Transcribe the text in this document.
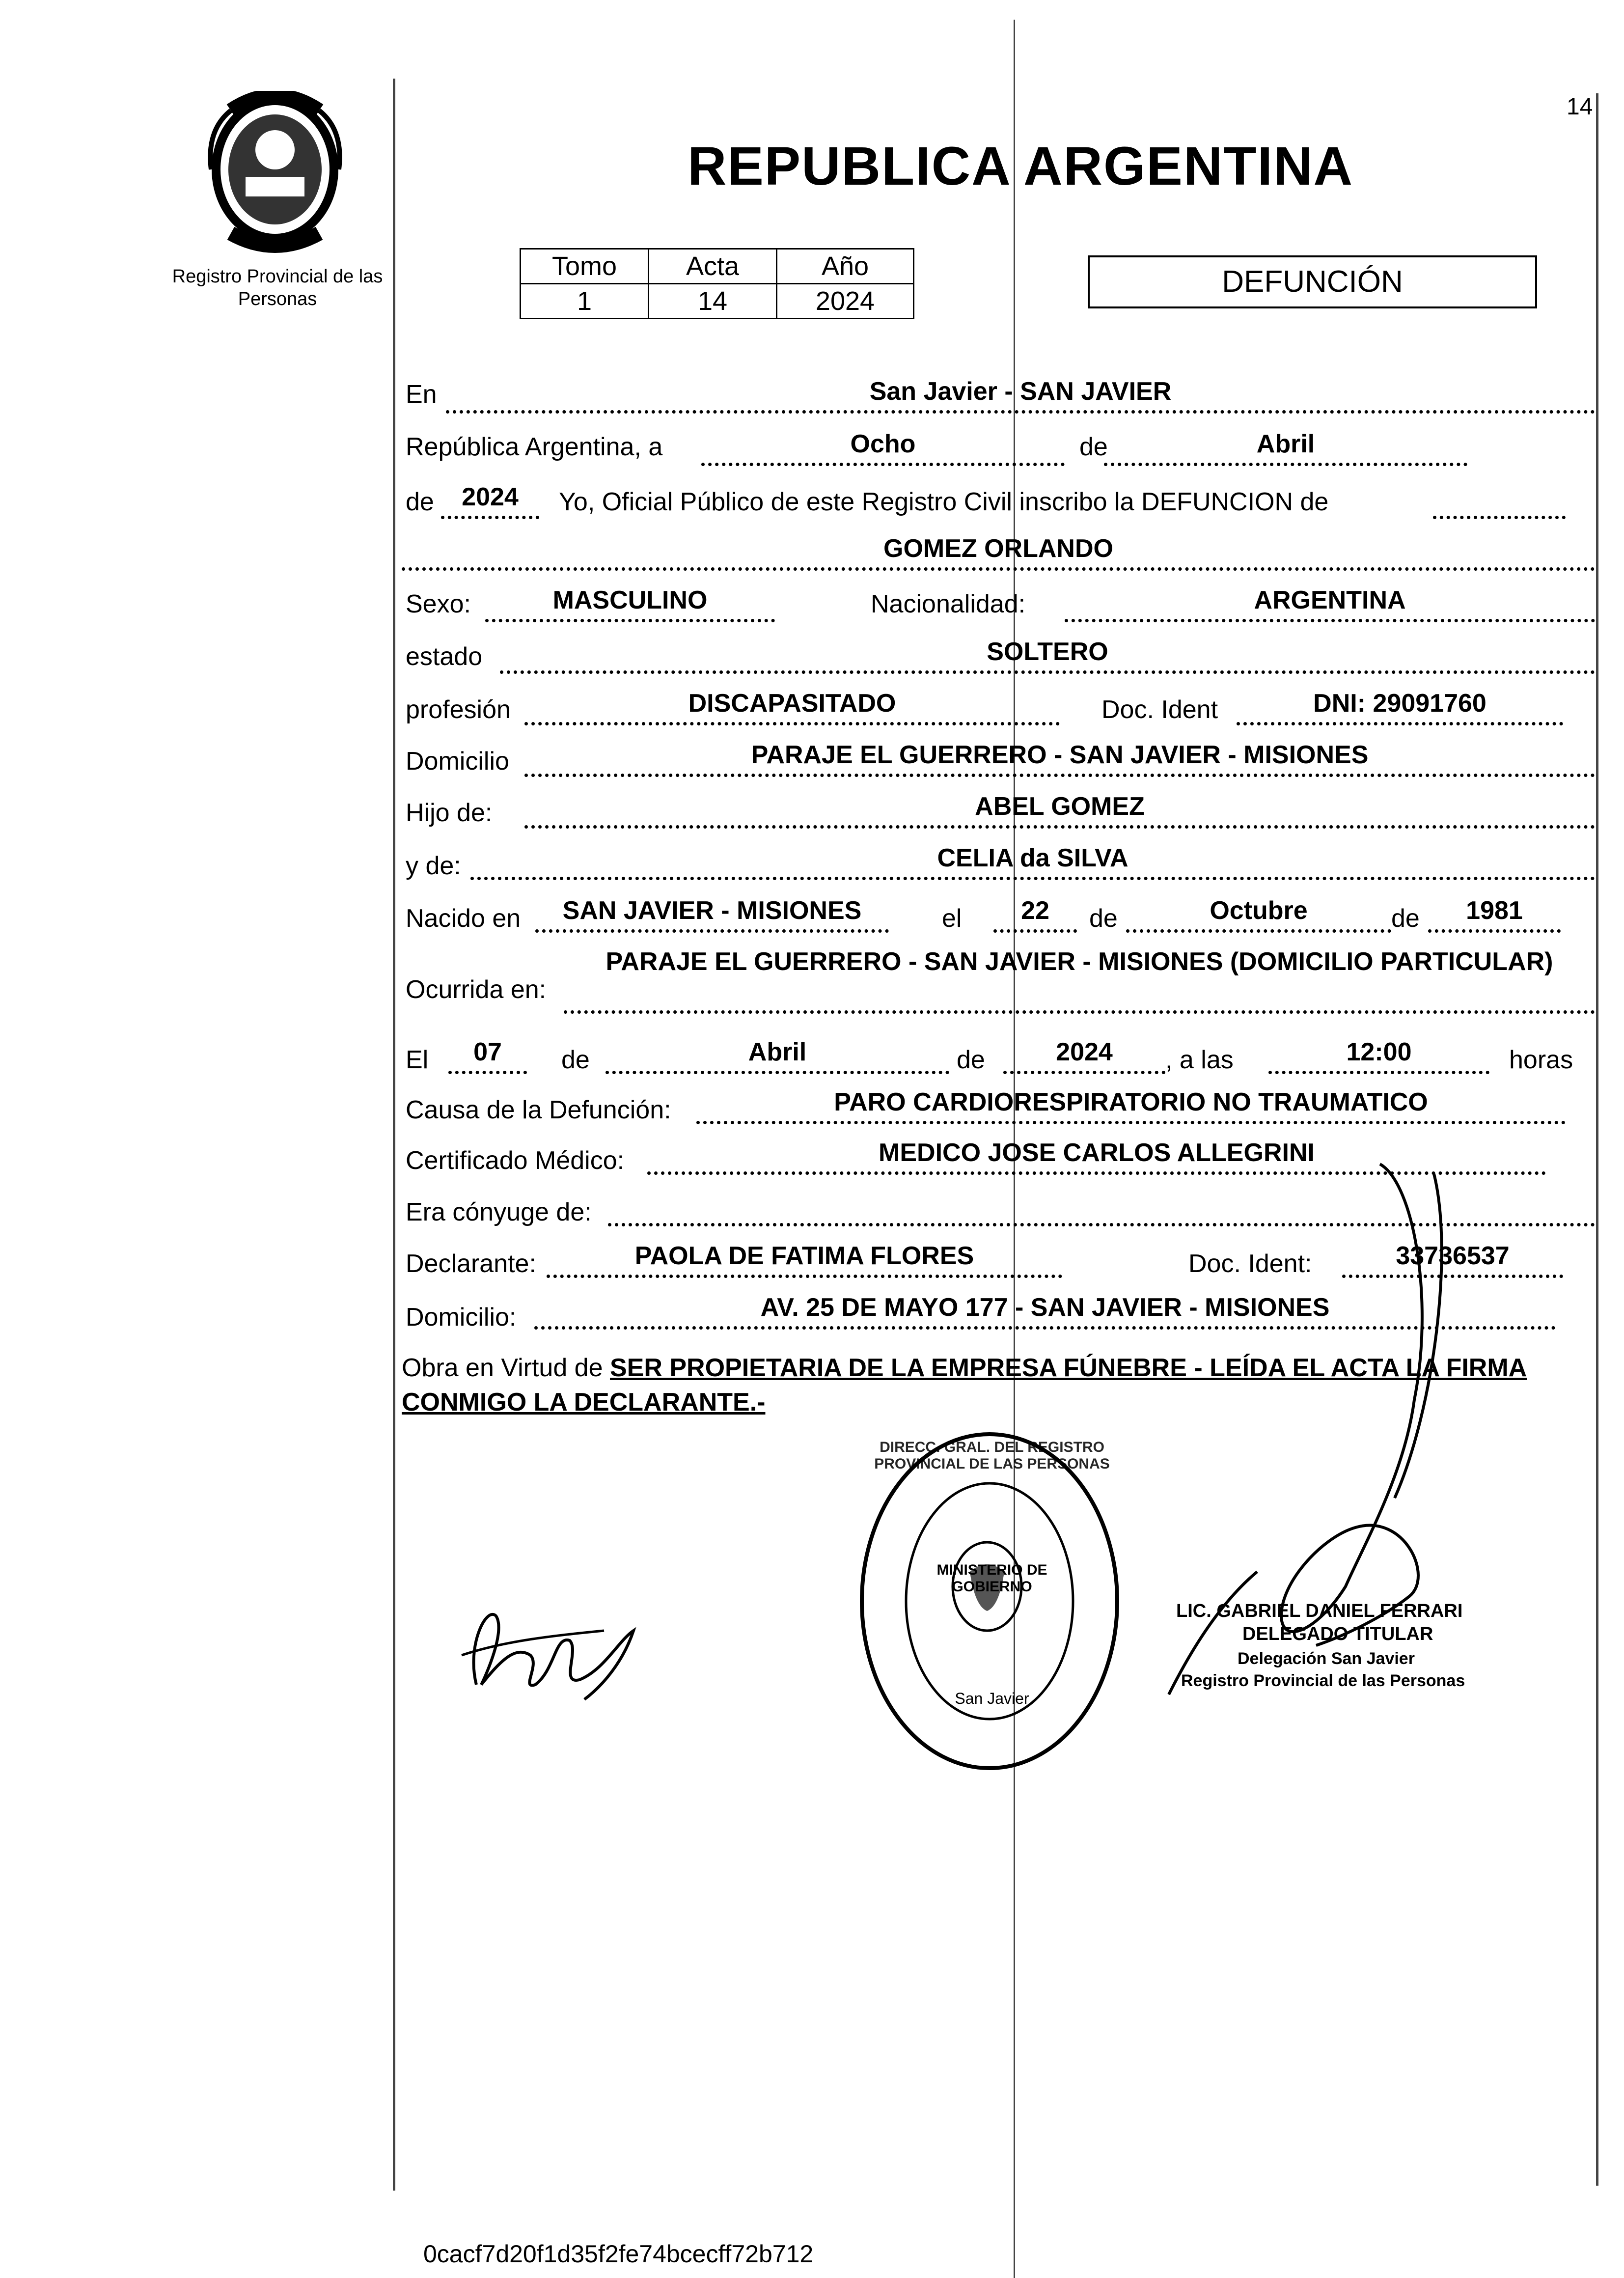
14
Registro Provincial de las Personas
REPUBLICA ARGENTINA
Tomo	Acta	Año
1	14	2024
DEFUNCIÓN
En	San Javier - SAN JAVIER
República Argentina, a	Ocho	de	Abril
de	2024	Yo, Oficial Público de este Registro Civil inscribo la DEFUNCION de
GOMEZ ORLANDO
Sexo:	MASCULINO	Nacionalidad:	ARGENTINA
estado	SOLTERO
profesión	DISCAPASITADO	Doc. Ident	DNI: 29091760
Domicilio	PARAJE EL GUERRERO - SAN JAVIER - MISIONES
Hijo de:	ABEL GOMEZ
y de:	CELIA da SILVA
Nacido en	SAN JAVIER - MISIONES	el	22	de	Octubre	de	1981
Ocurrida en:
PARAJE EL GUERRERO - SAN JAVIER - MISIONES (DOMICILIO PARTICULAR)
El	07	de	Abril	de	2024	, a las	12:00	horas
Causa de la Defunción:	PARO CARDIORESPIRATORIO NO TRAUMATICO
Certificado Médico:	MEDICO JOSE CARLOS ALLEGRINI
Era cónyuge de:
Declarante:	PAOLA DE FATIMA FLORES	Doc. Ident:	33736537
Domicilio:	AV. 25 DE MAYO 177 - SAN JAVIER - MISIONES
Obra en Virtud de SER PROPIETARIA DE LA EMPRESA FÚNEBRE - LEÍDA EL ACTA LA FIRMA CONMIGO LA DECLARANTE.-
DIRECC. GRAL. DEL REGISTRO PROVINCIAL DE LAS PERSONAS
MINISTERIO DE GOBIERNO
San Javier
LIC. GABRIEL DANIEL FERRARI
DELEGADO TITULAR
Delegación San Javier
Registro Provincial de las Personas
0cacf7d20f1d35f2fe74bcecff72b712
